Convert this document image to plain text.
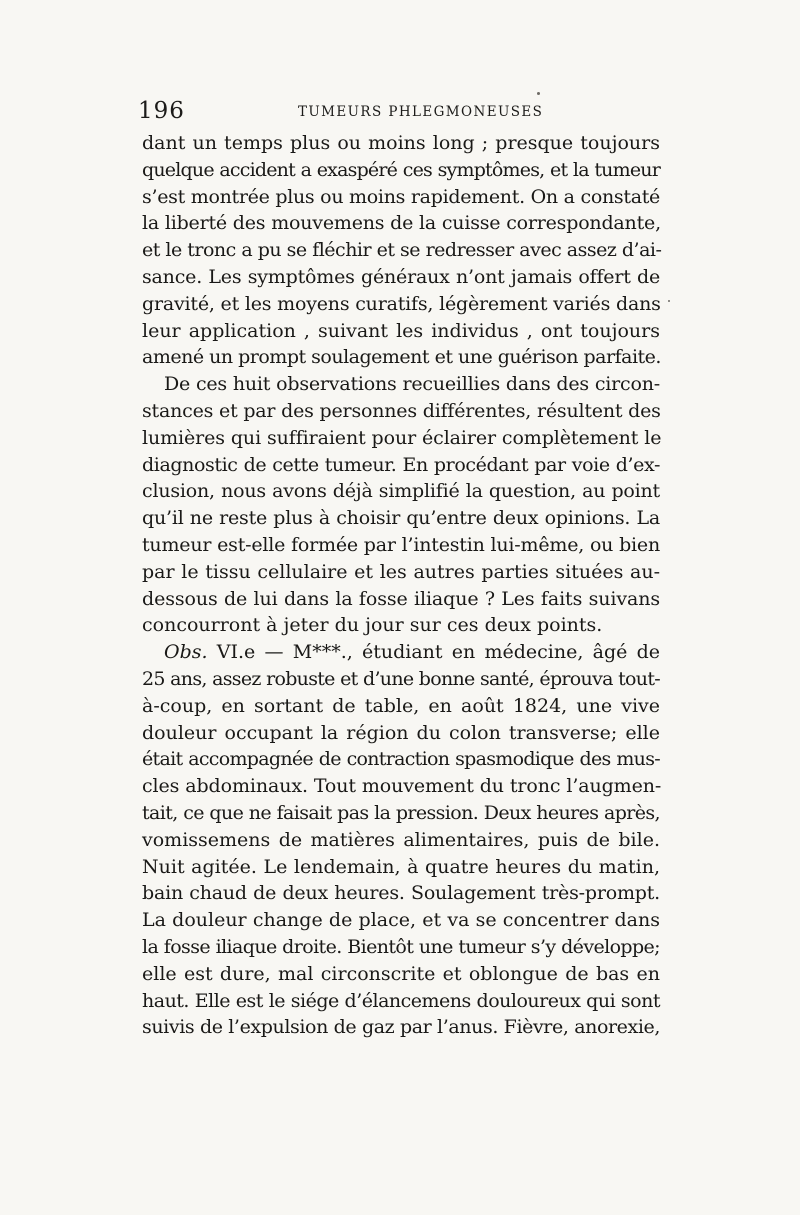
196	TUMEURS PHLEGMONEUSES
dant un temps plus ou moins long ; presque toujours
quelque accident a exaspéré ces symptômes, et la tumeur
s’est montrée plus ou moins rapidement. On a constaté
la liberté des mouvemens de la cuisse correspondante,
et le tronc a pu se fléchir et se redresser avec assez d’ai-
sance. Les symptômes généraux n’ont jamais offert de
gravité, et les moyens curatifs, légèrement variés dans
leur application , suivant les individus , ont toujours
amené un prompt soulagement et une guérison parfaite.
De ces huit observations recueillies dans des circon-
stances et par des personnes différentes, résultent des
lumières qui suffiraient pour éclairer complètement le
diagnostic de cette tumeur. En procédant par voie d’ex-
clusion, nous avons déjà simplifié la question, au point
qu’il ne reste plus à choisir qu’entre deux opinions. La
tumeur est-elle formée par l’intestin lui-même, ou bien
par le tissu cellulaire et les autres parties situées au-
dessous de lui dans la fosse iliaque ? Les faits suivans
concourront à jeter du jour sur ces deux points.
Obs. VI.e — M***., étudiant en médecine, âgé de
25 ans, assez robuste et d’une bonne santé, éprouva tout-
à-coup, en sortant de table, en août 1824, une vive
douleur occupant la région du colon transverse; elle
était accompagnée de contraction spasmodique des mus-
cles abdominaux. Tout mouvement du tronc l’augmen-
tait, ce que ne faisait pas la pression. Deux heures après,
vomissemens de matières alimentaires, puis de bile.
Nuit agitée. Le lendemain, à quatre heures du matin,
bain chaud de deux heures. Soulagement très-prompt.
La douleur change de place, et va se concentrer dans
la fosse iliaque droite. Bientôt une tumeur s’y développe;
elle est dure, mal circonscrite et oblongue de bas en
haut. Elle est le siége d’élancemens douloureux qui sont
suivis de l’expulsion de gaz par l’anus. Fièvre, anorexie,
